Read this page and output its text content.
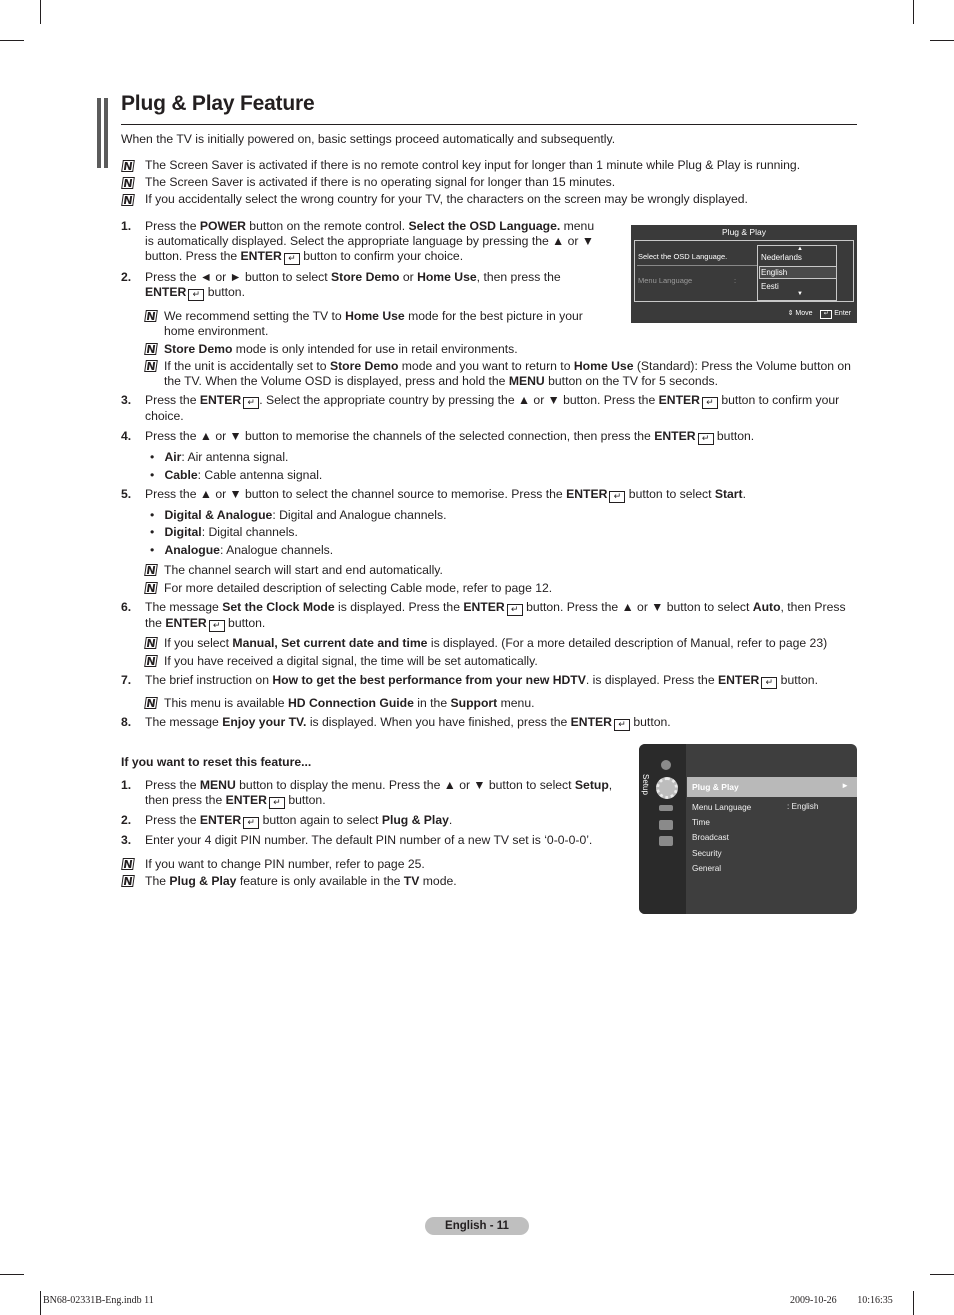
Plug & Play Feature
When the TV is initially powered on, basic settings proceed automatically and subsequently.
N The Screen Saver is activated if there is no remote control key input for longer than 1 minute while Plug & Play is running.
N The Screen Saver is activated if there is no operating signal for longer than 15 minutes.
N If you accidentally select the wrong country for your TV, the characters on the screen may be wrongly displayed.
1. Press the POWER button on the remote control. Select the OSD Language. menu
is automatically displayed. Select the appropriate language by pressing the ▲ or ▼
button. Press the ENTER ↵ button to confirm your choice.
2. Press the ◄ or ► button to select Store Demo or Home Use, then press the
ENTER ↵ button.
N We recommend setting the TV to Home Use mode for the best picture in your
home environment.
N Store Demo mode is only intended for use in retail environments.
N If the unit is accidentally set to Store Demo mode and you want to return to Home Use (Standard): Press the Volume button on
the TV. When the Volume OSD is displayed, press and hold the MENU button on the TV for 5 seconds.
3. Press the ENTER ↵ . Select the appropriate country by pressing the ▲ or ▼ button. Press the ENTER ↵ button to confirm your
choice.
4. Press the ▲ or ▼ button to memorise the channels of the selected connection, then press the ENTER ↵ button.
•   Air: Air antenna signal.
•   Cable: Cable antenna signal.
5. Press the ▲ or ▼ button to select the channel source to memorise. Press the ENTER ↵ button to select Start.
•   Digital & Analogue: Digital and Analogue channels.
•   Digital: Digital channels.
•   Analogue: Analogue channels.
N The channel search will start and end automatically.
N For more detailed description of selecting Cable mode, refer to page 12.
6. The message Set the Clock Mode is displayed. Press the ENTER ↵ button. Press the ▲ or ▼ button to select Auto, then Press
the ENTER ↵ button.
N If you select Manual, Set current date and time is displayed. (For a more detailed description of Manual, refer to page 23)
N If you have received a digital signal, the time will be set automatically.
7. The brief instruction on How to get the best performance from your new HDTV. is displayed. Press the ENTER ↵ button.
N This menu is available HD Connection Guide in the Support menu.
8. The message Enjoy your TV. is displayed. When you have finished, press the ENTER ↵ button.
Plug & Play
Select the OSD Language.
Menu Language	:
▲
Nederlands
English
Eesti
▼
⇕ Move ↵ Enter
If you want to reset this feature...
1. Press the MENU button to display the menu. Press the ▲ or ▼ button to select Setup,
then press the ENTER ↵ button.
2. Press the ENTER ↵ button again to select Plug & Play.
3. Enter your 4 digit PIN number. The default PIN number of a new TV set is ‘0-0-0-0’.
N If you want to change PIN number, refer to page 25.
N The Plug & Play feature is only available in the TV mode.
Setup	Plug & Play	►
Menu Language	: English
Time
Broadcast
Security
General
English - 11
BN68-02331B-Eng.indb 11	2009-10-26    10:16:35
